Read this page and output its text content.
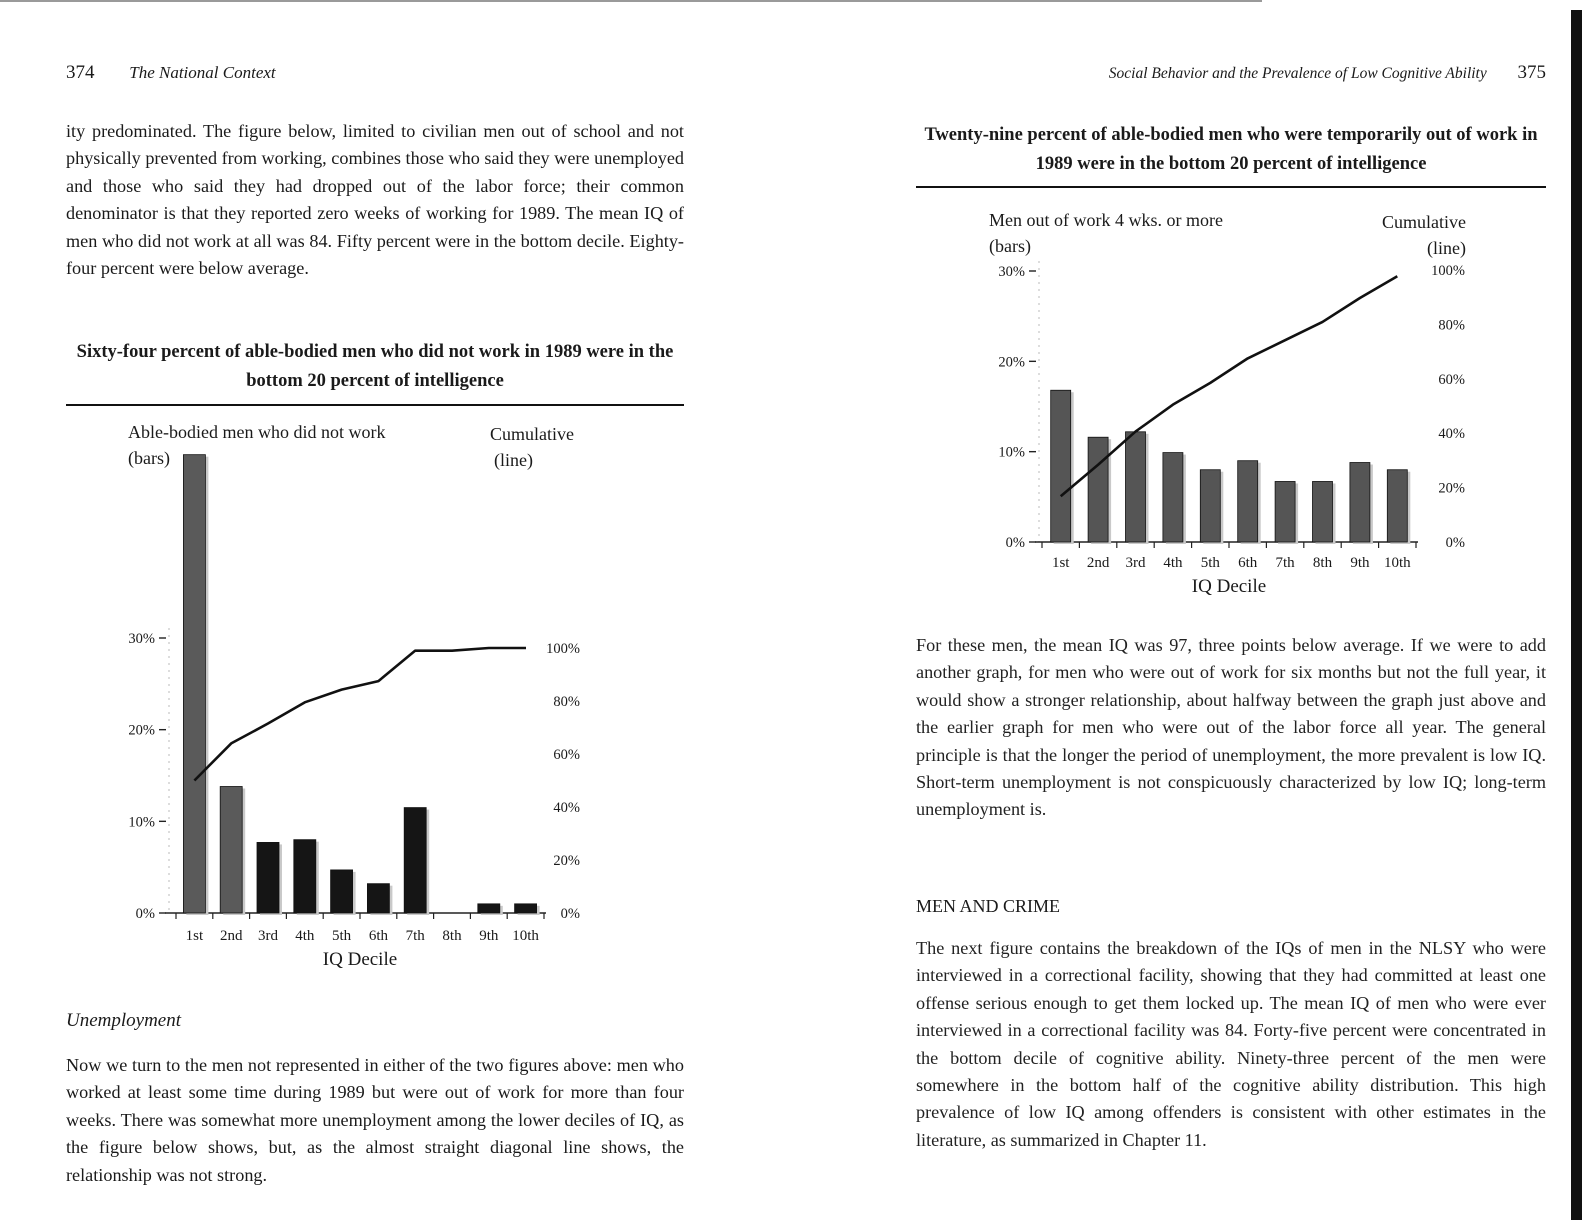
374 The National Context
ity predominated. The figure below, limited to civilian men out of school and not physically prevented from working, combines those who said they were unemployed and those who said they had dropped out of the labor force; their common denominator is that they reported zero weeks of working for 1989. The mean IQ of men who did not work at all was 84. Fifty percent were in the bottom decile. Eighty-four percent were below average.
Sixty-four percent of able-bodied men who did not work in 1989 were in the bottom 20 percent of intelligence
Able-bodied men who did not work
(bars)
Cumulative
(line)
0%
10%
20%
30%
0%
20%
40%
60%
80%
100%
1st 2nd 3rd 4th 5th 6th 7th 8th 9th 10th
IQ Decile
Unemployment
Now we turn to the men not represented in either of the two figures above: men who worked at least some time during 1989 but were out of work for more than four weeks. There was somewhat more unemployment among the lower deciles of IQ, as the figure below shows, but, as the almost straight diagonal line shows, the relationship was not strong.
Social Behavior and the Prevalence of Low Cognitive Ability 375
Twenty-nine percent of able-bodied men who were temporarily out of work in 1989 were in the bottom 20 percent of intelligence
Men out of work 4 wks. or more
(bars)
Cumulative
(line)
0%
10%
20%
30%
0%
20%
40%
60%
80%
100%
1st 2nd 3rd 4th 5th 6th 7th 8th 9th 10th
IQ Decile
For these men, the mean IQ was 97, three points below average. If we were to add another graph, for men who were out of work for six months but not the full year, it would show a stronger relationship, about halfway between the graph just above and the earlier graph for men who were out of the labor force all year. The general principle is that the longer the period of unemployment, the more prevalent is low IQ. Short-term unemployment is not conspicuously characterized by low IQ; long-term unemployment is.
MEN AND CRIME
The next figure contains the breakdown of the IQs of men in the NLSY who were interviewed in a correctional facility, showing that they had committed at least one offense serious enough to get them locked up. The mean IQ of men who were ever interviewed in a correctional facility was 84. Forty-five percent were concentrated in the bottom decile of cognitive ability. Ninety-three percent of the men were somewhere in the bottom half of the cognitive ability distribution. This high prevalence of low IQ among offenders is consistent with other estimates in the literature, as summarized in Chapter 11.
